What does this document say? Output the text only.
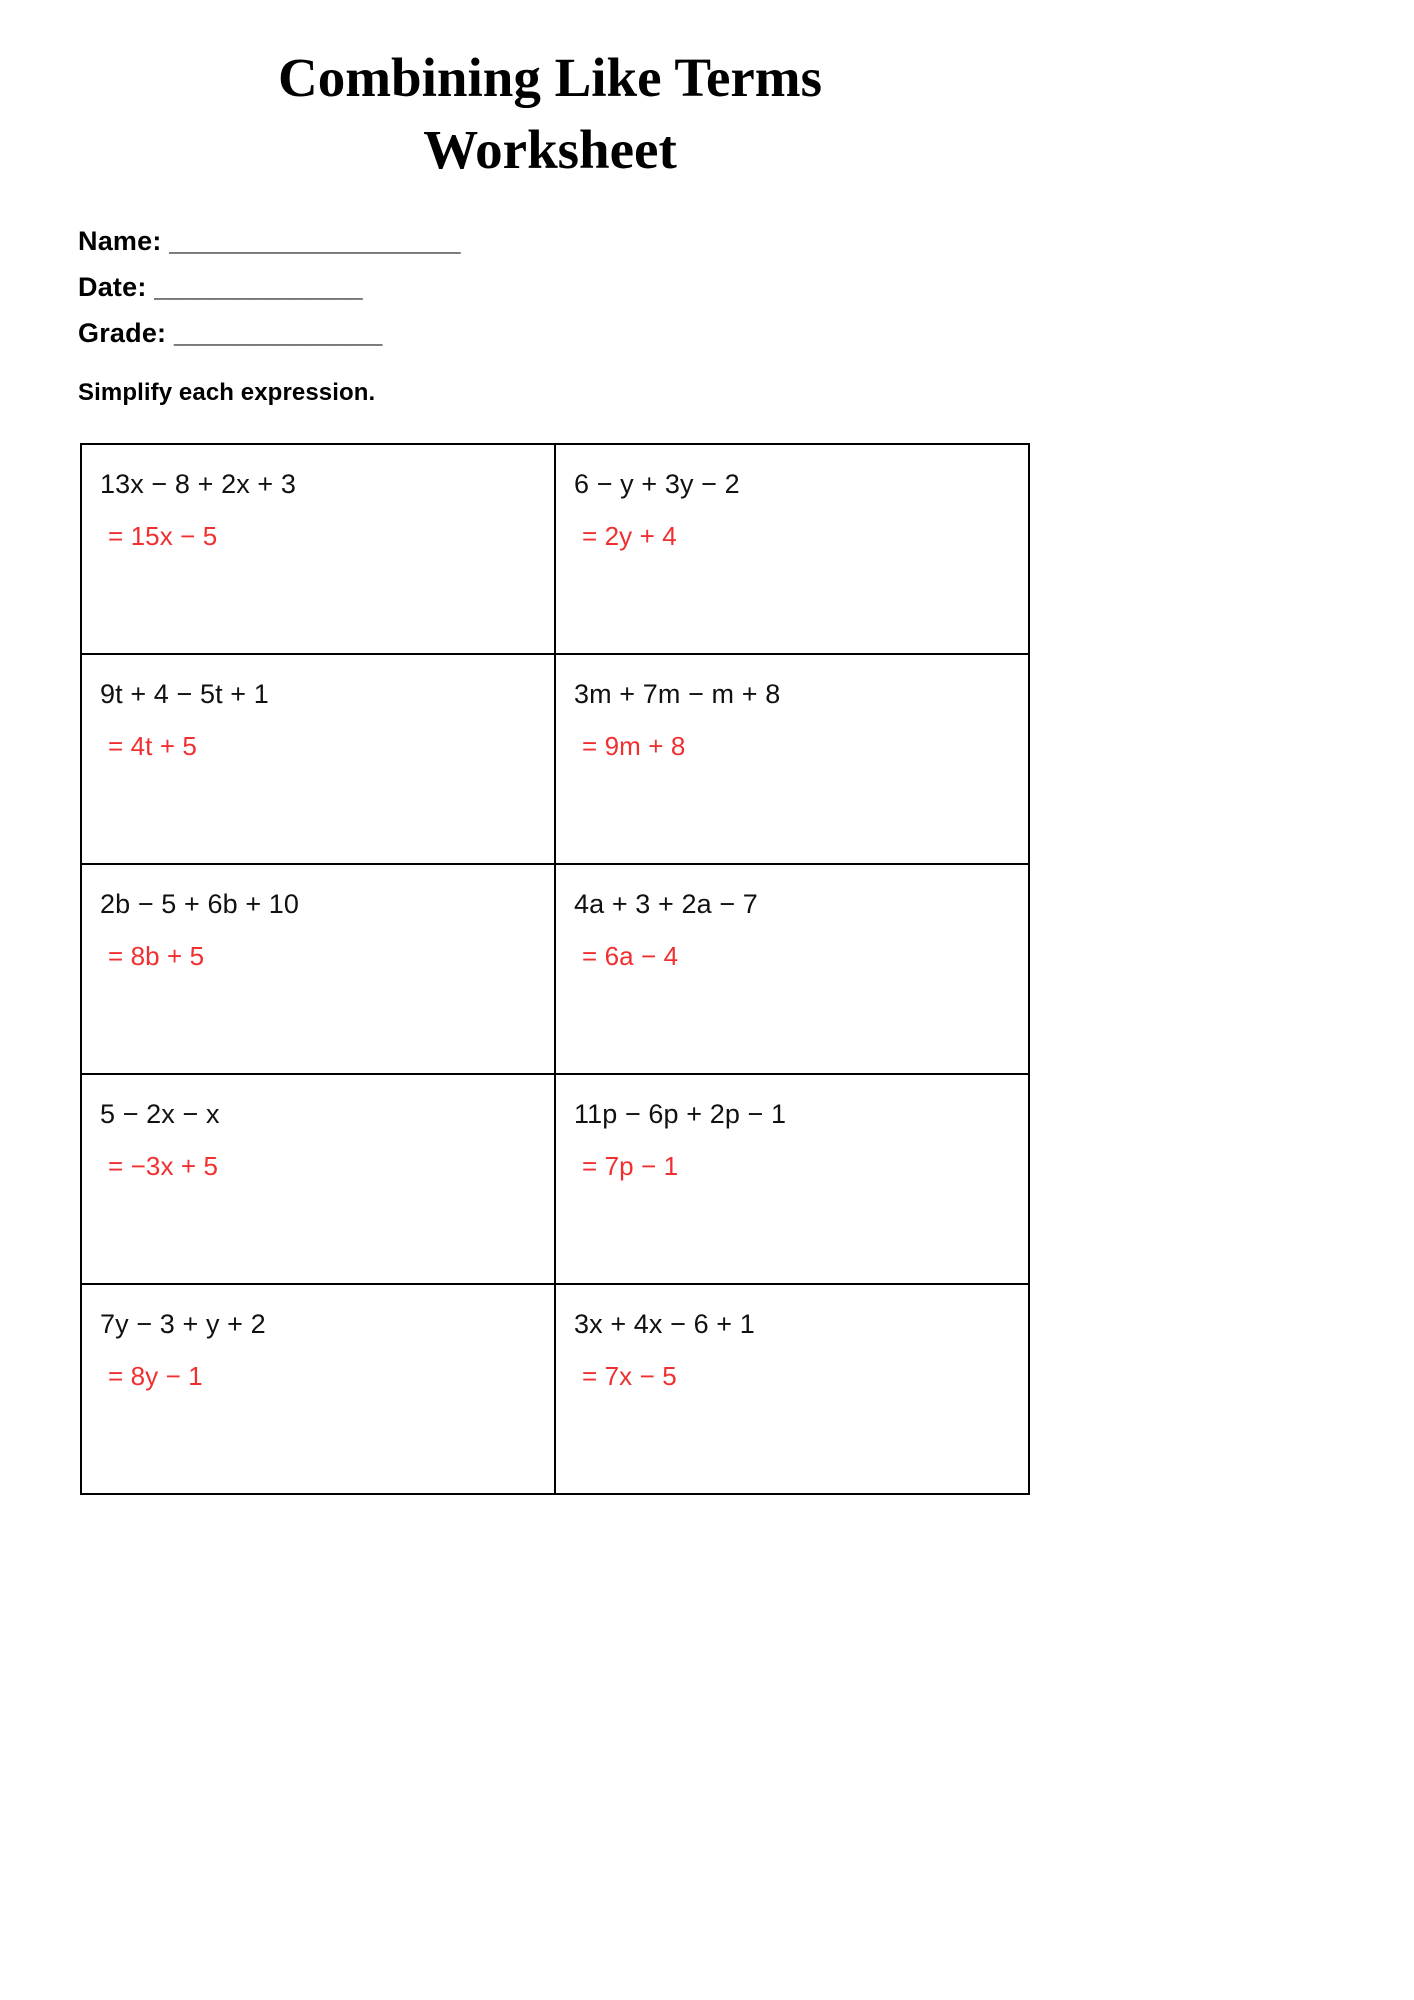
Combining Like Terms
Worksheet
Name: _____________________
Date: _______________
Grade: _______________
Simplify each expression.
13x − 8 + 2x + 3
= 15x − 5

6 − y + 3y − 2
= 2y + 4

9t + 4 − 5t + 1
= 4t + 5

3m + 7m − m + 8
= 9m + 8

2b − 5 + 6b + 10
= 8b + 5

4a + 3 + 2a − 7
= 6a − 4

5 − 2x − x
= −3x + 5

11p − 6p + 2p − 1
= 7p − 1

7y − 3 + y + 2
= 8y − 1

3x + 4x − 6 + 1
= 7x − 5
